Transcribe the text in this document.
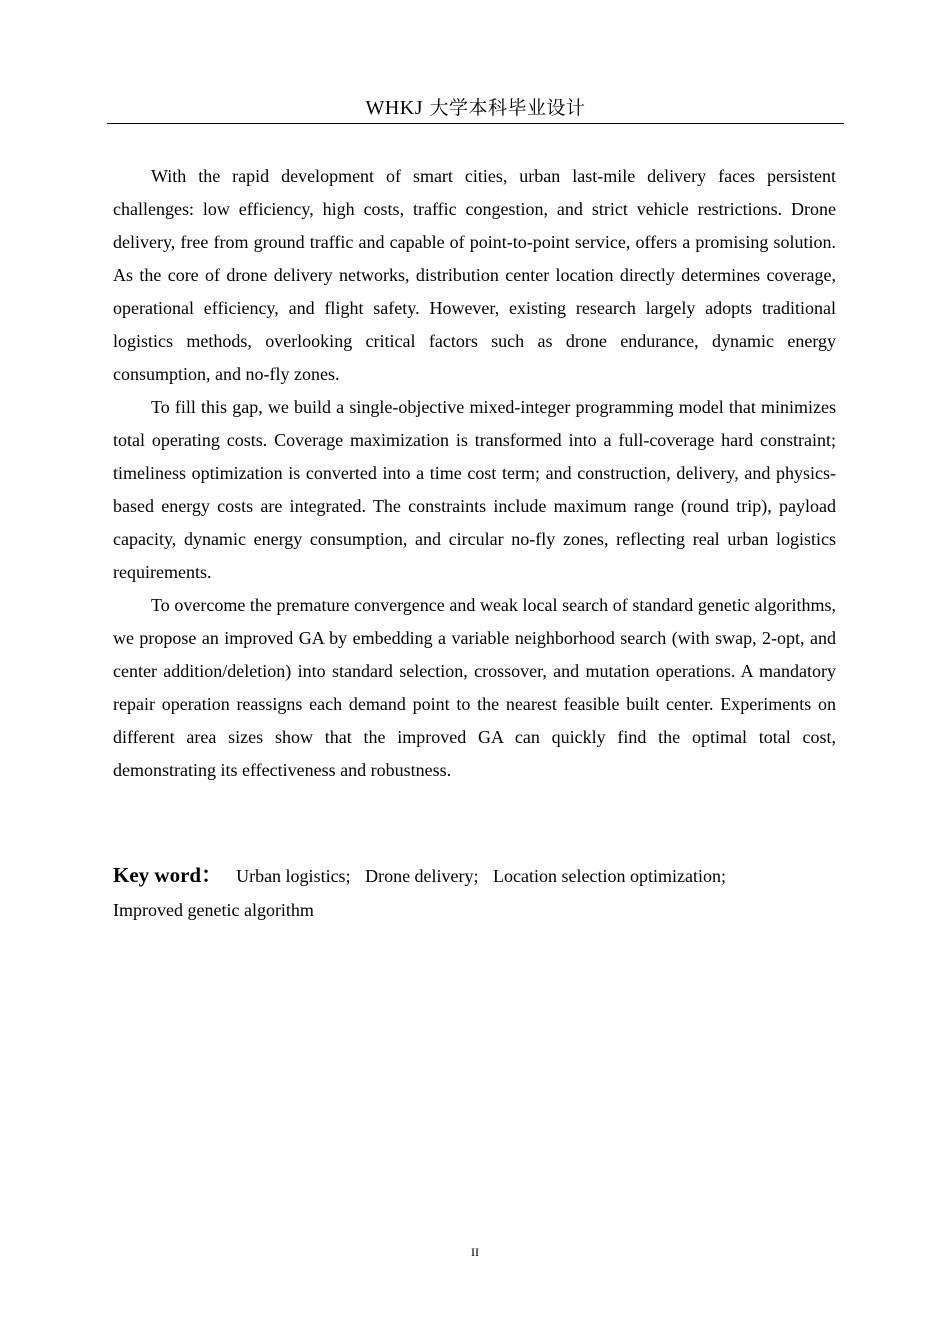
WHKJ 大学本科毕业设计

With the rapid development of smart cities, urban last-mile delivery faces persistent challenges: low efficiency, high costs, traffic congestion, and strict vehicle restrictions. Drone delivery, free from ground traffic and capable of point-to-point service, offers a promising solution. As the core of drone delivery networks, distribution center location directly determines coverage, operational efficiency, and flight safety. However, existing research largely adopts traditional logistics methods, overlooking critical factors such as drone endurance, dynamic energy consumption, and no-fly zones.

To fill this gap, we build a single-objective mixed-integer programming model that minimizes total operating costs. Coverage maximization is transformed into a full-coverage hard constraint; timeliness optimization is converted into a time cost term; and construction, delivery, and physics-based energy costs are integrated. The constraints include maximum range (round trip), payload capacity, dynamic energy consumption, and circular no-fly zones, reflecting real urban logistics requirements.

To overcome the premature convergence and weak local search of standard genetic algorithms, we propose an improved GA by embedding a variable neighborhood search (with swap, 2-opt, and center addition/deletion) into standard selection, crossover, and mutation operations. A mandatory repair operation reassigns each demand point to the nearest feasible built center. Experiments on different area sizes show that the improved GA can quickly find the optimal total cost, demonstrating its effectiveness and robustness.

Key word： Urban logistics; Drone delivery; Location selection optimization;
Improved genetic algorithm
II
